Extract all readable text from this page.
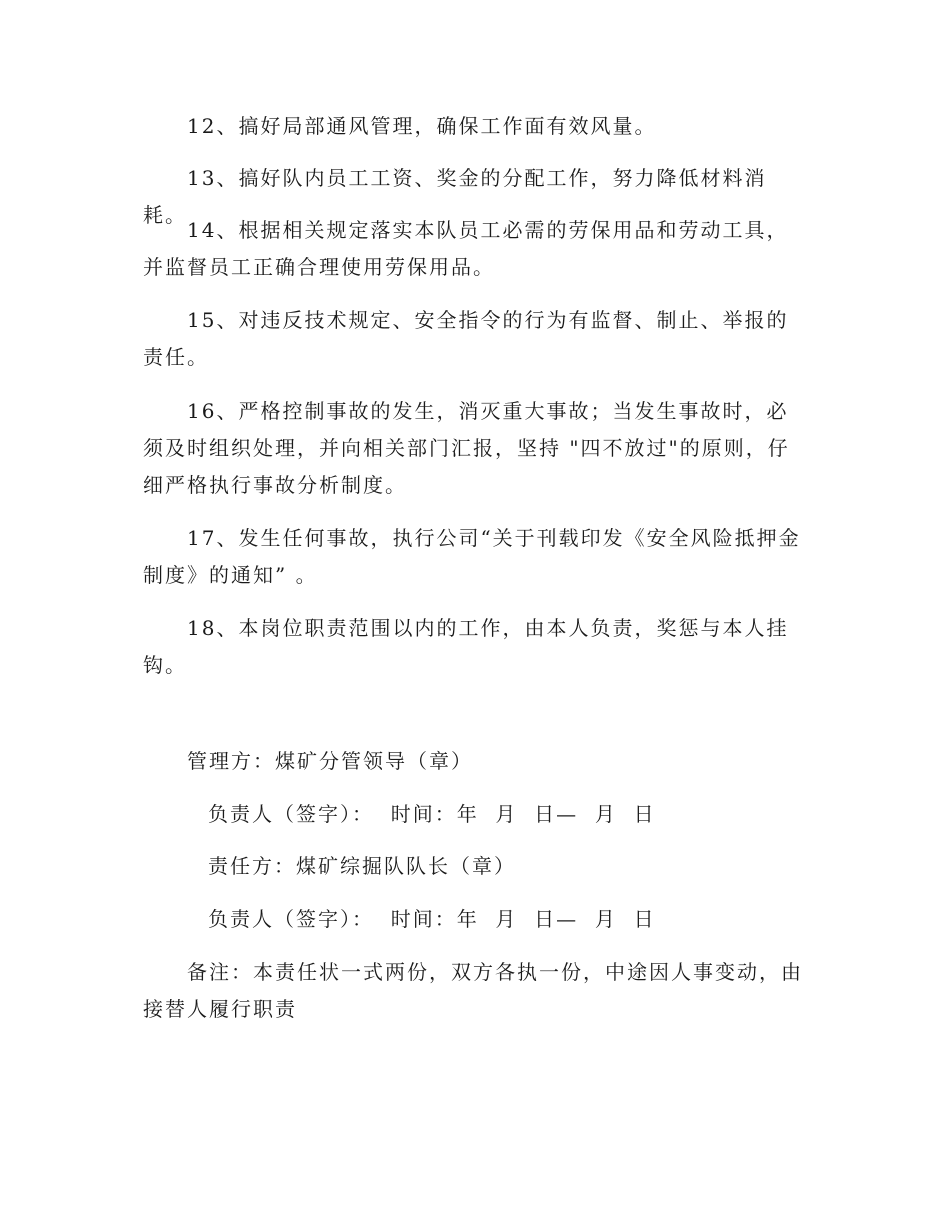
12、搞好局部通风管理，确保工作面有效风量。

13、搞好队内员工工资、奖金的分配工作，努力降低材料消耗。

14、根据相关规定落实本队员工必需的劳保用品和劳动工具，并监督员工正确合理使用劳保用品。

15、对违反技术规定、安全指令的行为有监督、制止、举报的责任。

16、严格控制事故的发生，消灭重大事故；当发生事故时，必须及时组织处理，并向相关部门汇报，坚持 "四不放过"的原则，仔细严格执行事故分析制度。

17、发生任何事故，执行公司“关于刊载印发《安全风险抵押金制度》的通知” 。

18、本岗位职责范围以内的工作，由本人负责，奖惩与本人挂钩。

管理方：煤矿分管领导（章）

负责人（签字）：  时间：年  月  日—  月  日

责任方：煤矿综掘队队长（章）

负责人（签字）：  时间：年  月  日—  月  日

备注：本责任状一式两份，双方各执一份，中途因人事变动，由接替人履行职责
